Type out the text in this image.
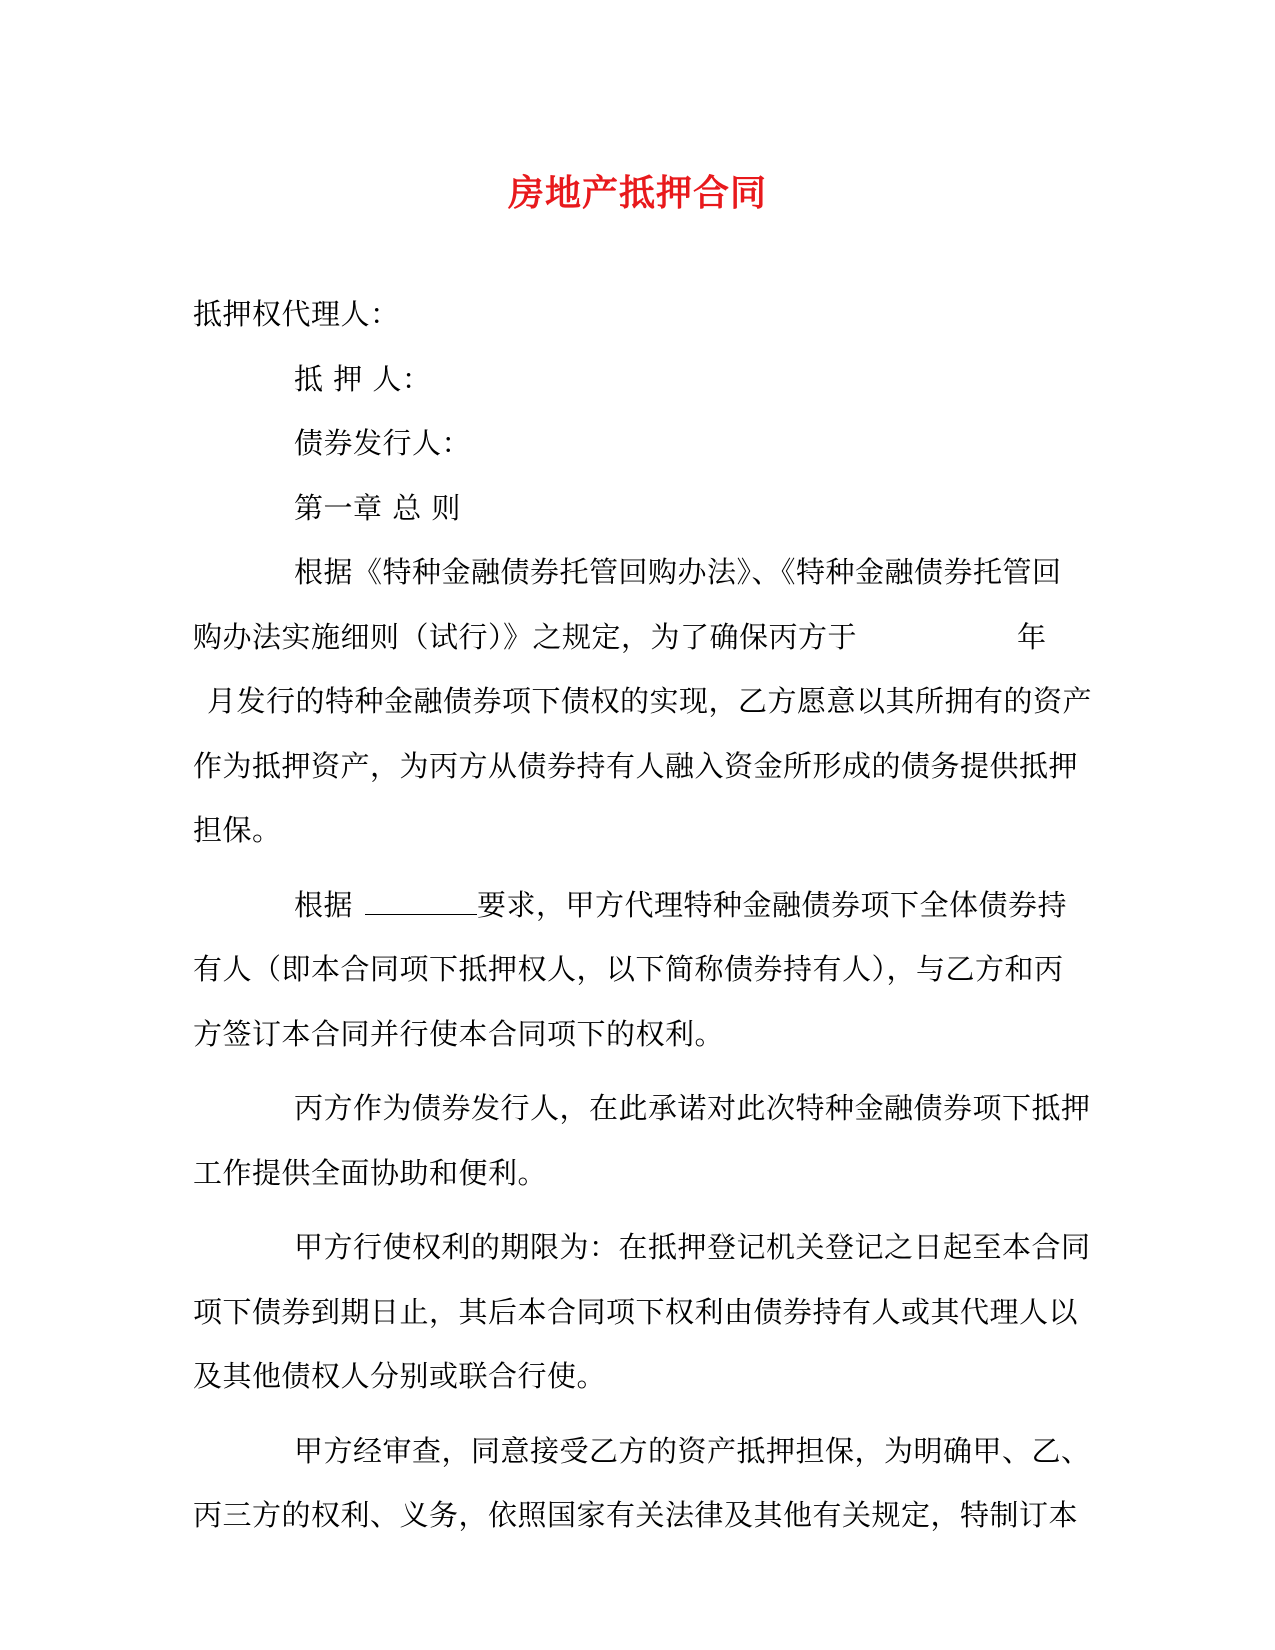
房地产抵押合同
抵押权代理人：
抵 押 人：
债券发行人：
第一章 总 则
根据《特种金融债券托管回购办法》、《特种金融债券托管回
购办法实施细则（试行）》之规定，为了确保丙方于	年
月发行的特种金融债券项下债权的实现，乙方愿意以其所拥有的资产
作为抵押资产，为丙方从债券持有人融入资金所形成的债务提供抵押
担保。
根据	要求，甲方代理特种金融债券项下全体债券持
有人（即本合同项下抵押权人，以下简称债券持有人），与乙方和丙
方签订本合同并行使本合同项下的权利。
丙方作为债券发行人，在此承诺对此次特种金融债券项下抵押
工作提供全面协助和便利。
甲方行使权利的期限为：在抵押登记机关登记之日起至本合同
项下债券到期日止，其后本合同项下权利由债券持有人或其代理人以
及其他债权人分别或联合行使。
甲方经审查，同意接受乙方的资产抵押担保，为明确甲、乙、
丙三方的权利、义务，依照国家有关法律及其他有关规定，特制订本
